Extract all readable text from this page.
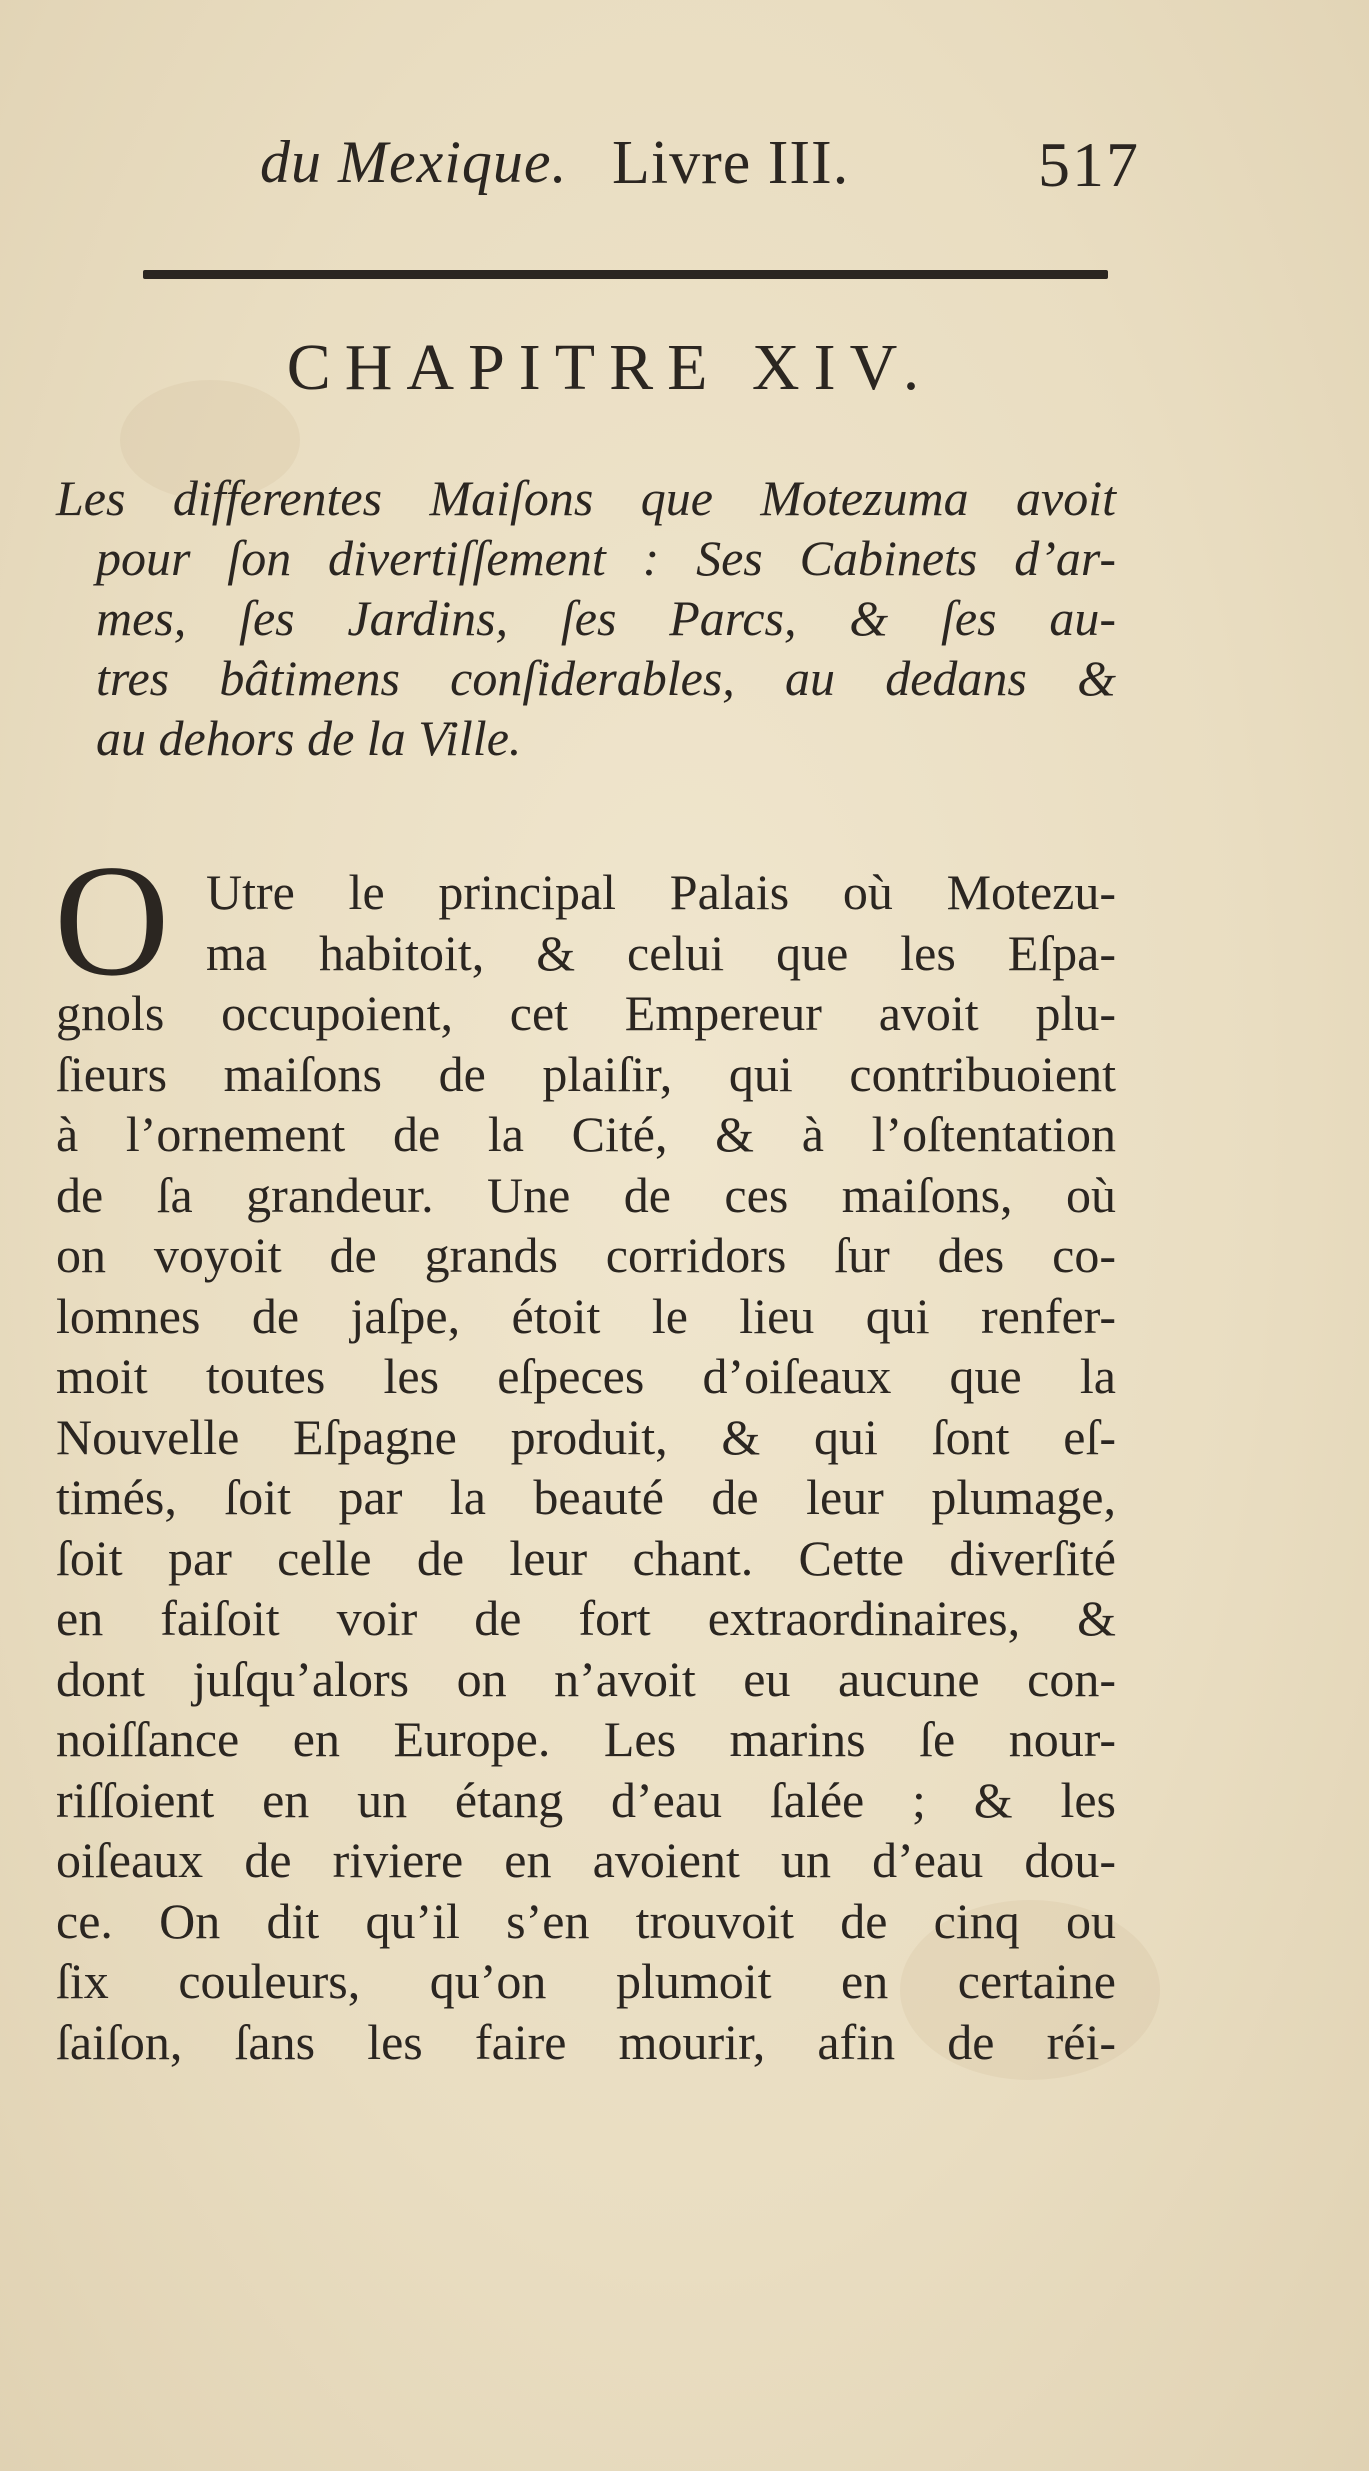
du Mexique. Livre III.	517
CHAPITRE XIV.
Les differentes Maiſons que Motezuma avoit
pour ſon divertiſſement : Ses Cabinets d’ar-
mes, ſes Jardins, ſes Parcs, & ſes au-
tres bâtimens conſiderables, au dedans &
au dehors de la Ville.
O Utre le principal Palais où Motezu-
ma habitoit, & celui que les Eſpa-
gnols occupoient, cet Empereur avoit plu-
ſieurs maiſons de plaiſir, qui contribuoient
à l’ornement de la Cité, & à l’oſtentation
de ſa grandeur. Une de ces maiſons, où
on voyoit de grands corridors ſur des co-
lomnes de jaſpe, étoit le lieu qui renfer-
moit toutes les eſpeces d’oiſeaux que la
Nouvelle Eſpagne produit, & qui ſont eſ-
timés, ſoit par la beauté de leur plumage,
ſoit par celle de leur chant. Cette diverſité
en faiſoit voir de fort extraordinaires, &
dont juſqu’alors on n’avoit eu aucune con-
noiſſance en Europe. Les marins ſe nour-
riſſoient en un étang d’eau ſalée ; & les
oiſeaux de riviere en avoient un d’eau dou-
ce. On dit qu’il s’en trouvoit de cinq ou
ſix couleurs, qu’on plumoit en certaine
ſaiſon, ſans les faire mourir, afin de réi-
